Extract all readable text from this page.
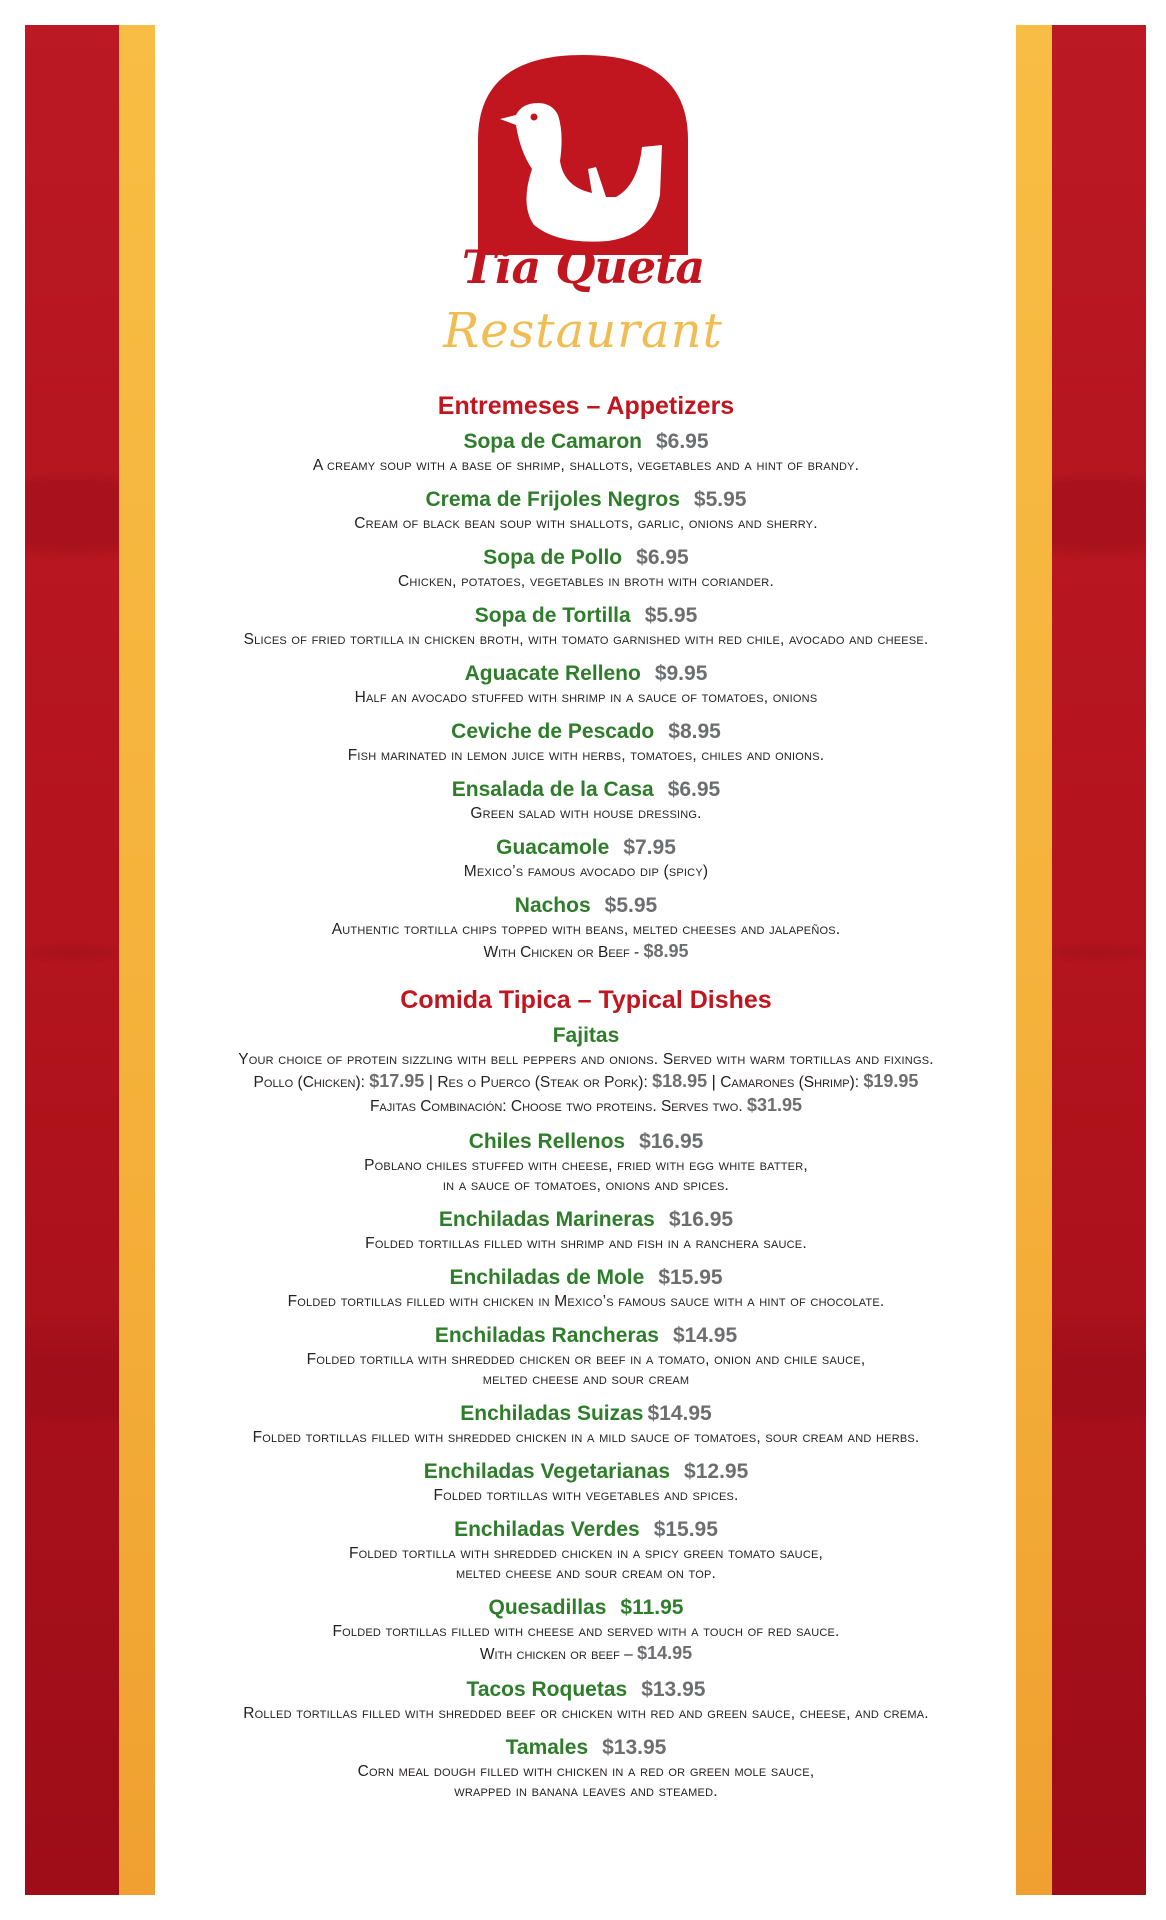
Tia Queta
Restaurant
Entremeses – Appetizers
Sopa de Camaron $6.95
A creamy soup with a base of shrimp, shallots, vegetables and a hint of brandy.
Crema de Frijoles Negros $5.95
Cream of black bean soup with shallots, garlic, onions and sherry.
Sopa de Pollo $6.95
Chicken, potatoes, vegetables in broth with coriander.
Sopa de Tortilla $5.95
Slices of fried tortilla in chicken broth, with tomato garnished with red chile, avocado and cheese.
Aguacate Relleno $9.95
Half an avocado stuffed with shrimp in a sauce of tomatoes, onions
Ceviche de Pescado $8.95
Fish marinated in lemon juice with herbs, tomatoes, chiles and onions.
Ensalada de la Casa $6.95
Green salad with house dressing.
Guacamole $7.95
Mexico’s famous avocado dip (spicy)
Nachos $5.95
Authentic tortilla chips topped with beans, melted cheeses and jalapeños.
With Chicken or Beef - $8.95
Comida Tipica – Typical Dishes
Fajitas
Your choice of protein sizzling with bell peppers and onions. Served with warm tortillas and fixings.
Pollo (Chicken): $17.95 | Res o Puerco (Steak or Pork): $18.95 | Camarones (Shrimp): $19.95
Fajitas Combinación: Choose two proteins. Serves two. $31.95
Chiles Rellenos $16.95
Poblano chiles stuffed with cheese, fried with egg white batter,
in a sauce of tomatoes, onions and spices.
Enchiladas Marineras $16.95
Folded tortillas filled with shrimp and fish in a ranchera sauce.
Enchiladas de Mole $15.95
Folded tortillas filled with chicken in Mexico’s famous sauce with a hint of chocolate.
Enchiladas Rancheras $14.95
Folded tortilla with shredded chicken or beef in a tomato, onion and chile sauce,
melted cheese and sour cream
Enchiladas Suizas $14.95
Folded tortillas filled with shredded chicken in a mild sauce of tomatoes, sour cream and herbs.
Enchiladas Vegetarianas $12.95
Folded tortillas with vegetables and spices.
Enchiladas Verdes $15.95
Folded tortilla with shredded chicken in a spicy green tomato sauce,
melted cheese and sour cream on top.
Quesadillas $11.95
Folded tortillas filled with cheese and served with a touch of red sauce.
With chicken or beef – $14.95
Tacos Roquetas $13.95
Rolled tortillas filled with shredded beef or chicken with red and green sauce, cheese, and crema.
Tamales $13.95
Corn meal dough filled with chicken in a red or green mole sauce,
wrapped in banana leaves and steamed.
